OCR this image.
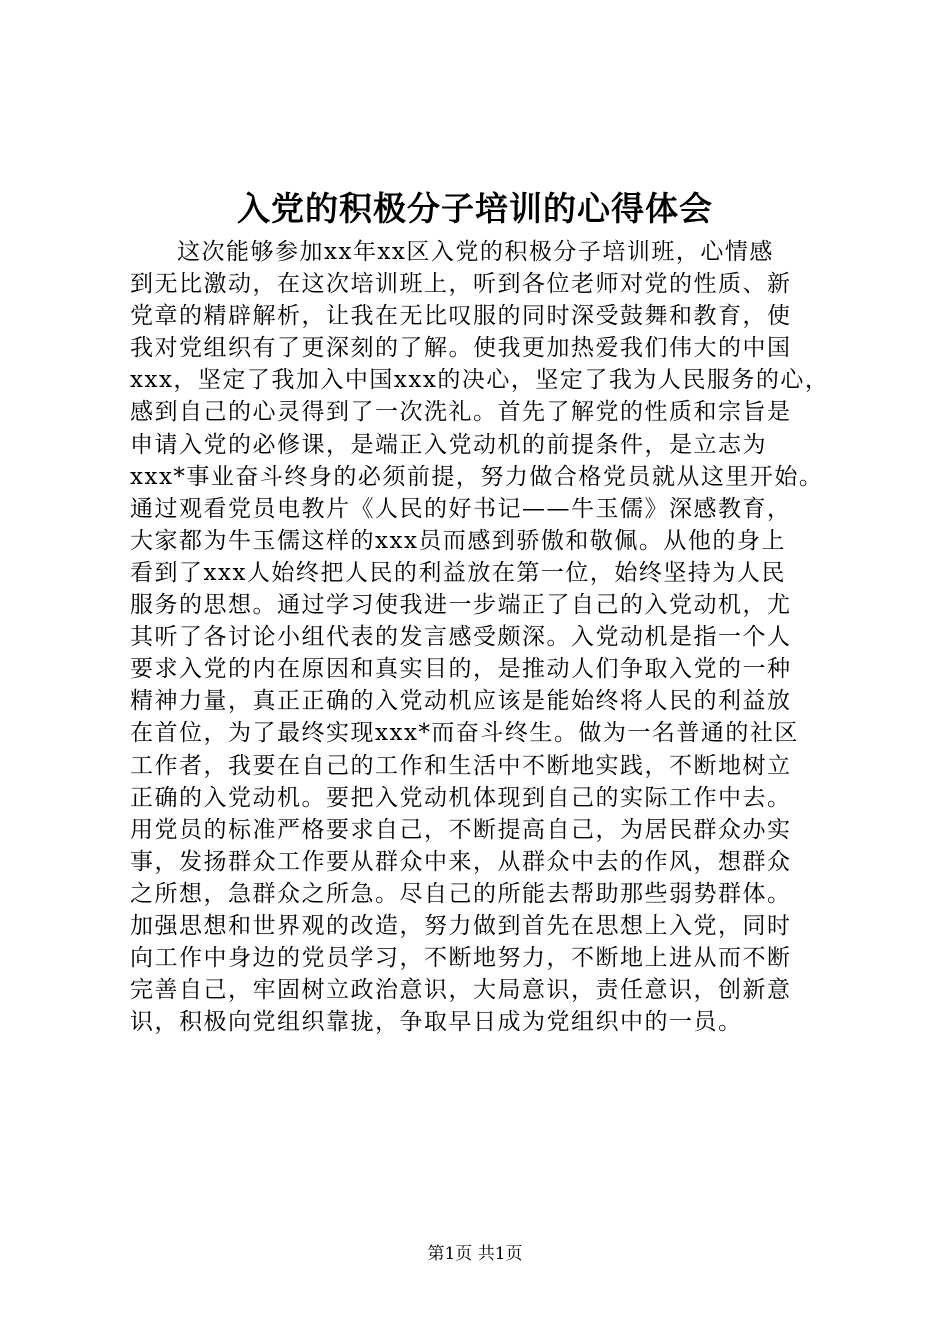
入党的积极分子培训的心得体会
这次能够参加xx年xx区入党的积极分子培训班，心情感
到无比激动，在这次培训班上，听到各位老师对党的性质、新
党章的精辟解析，让我在无比叹服的同时深受鼓舞和教育，使
我对党组织有了更深刻的了解。使我更加热爱我们伟大的中国
xxx，坚定了我加入中国xxx的决心，坚定了我为人民服务的心，
感到自己的心灵得到了一次洗礼。首先了解党的性质和宗旨是
申请入党的必修课，是端正入党动机的前提条件，是立志为
xxx*事业奋斗终身的必须前提，努力做合格党员就从这里开始。
通过观看党员电教片《人民的好书记——牛玉儒》深感教育，
大家都为牛玉儒这样的xxx员而感到骄傲和敬佩。从他的身上
看到了xxx人始终把人民的利益放在第一位，始终坚持为人民
服务的思想。通过学习使我进一步端正了自己的入党动机，尤
其听了各讨论小组代表的发言感受颇深。入党动机是指一个人
要求入党的内在原因和真实目的，是推动人们争取入党的一种
精神力量，真正正确的入党动机应该是能始终将人民的利益放
在首位，为了最终实现xxx*而奋斗终生。做为一名普通的社区
工作者，我要在自己的工作和生活中不断地实践，不断地树立
正确的入党动机。要把入党动机体现到自己的实际工作中去。
用党员的标准严格要求自己，不断提高自己，为居民群众办实
事，发扬群众工作要从群众中来，从群众中去的作风，想群众
之所想，急群众之所急。尽自己的所能去帮助那些弱势群体。
加强思想和世界观的改造，努力做到首先在思想上入党，同时
向工作中身边的党员学习，不断地努力，不断地上进从而不断
完善自己，牢固树立政治意识，大局意识，责任意识，创新意
识，积极向党组织靠拢，争取早日成为党组织中的一员。
第1页 共1页
